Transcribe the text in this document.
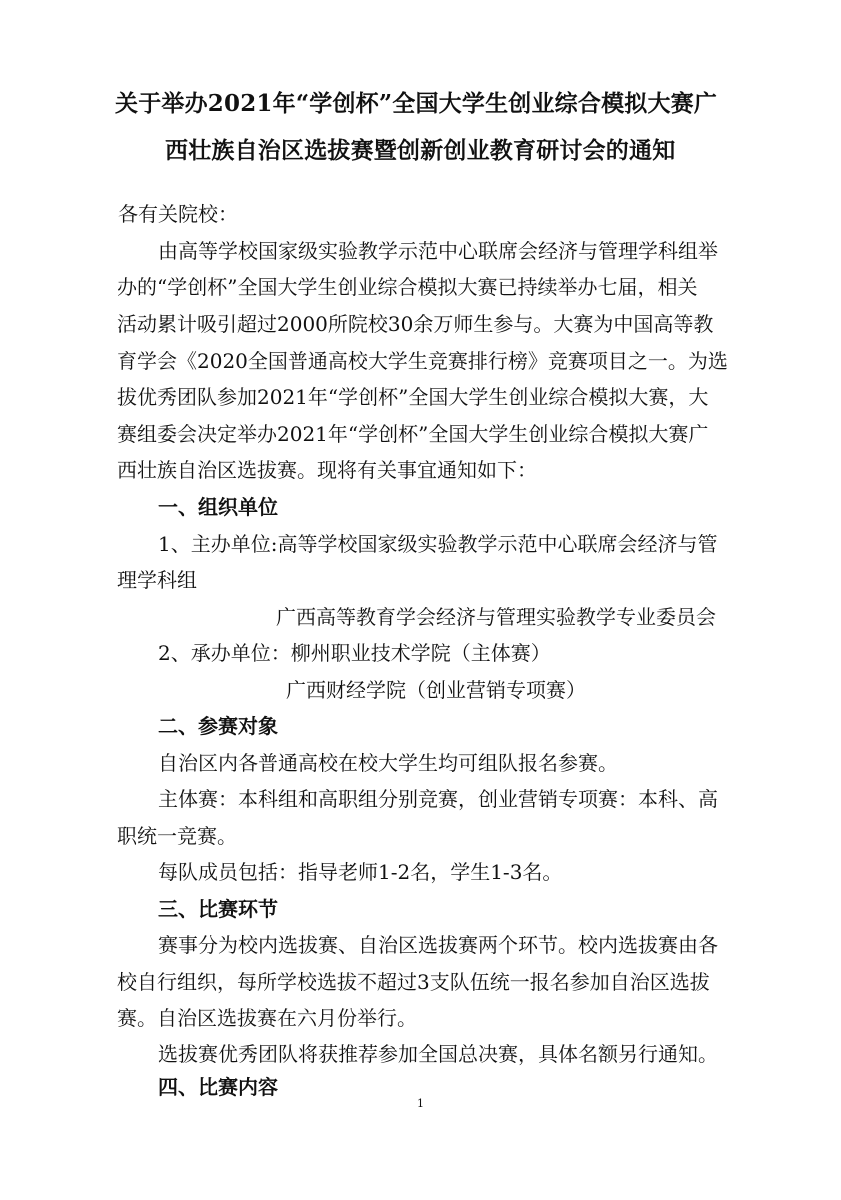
关于举办2021年“学创杯”全国大学生创业综合模拟大赛广
西壮族自治区选拔赛暨创新创业教育研讨会的通知
各有关院校：
由高等学校国家级实验教学示范中心联席会经济与管理学科组举
办的“学创杯”全国大学生创业综合模拟大赛已持续举办七届，相关
活动累计吸引超过2000所院校30余万师生参与。大赛为中国高等教
育学会《2020全国普通高校大学生竞赛排行榜》竞赛项目之一。为选
拔优秀团队参加2021年“学创杯”全国大学生创业综合模拟大赛，大
赛组委会决定举办2021年“学创杯”全国大学生创业综合模拟大赛广
西壮族自治区选拔赛。现将有关事宜通知如下：
一、组织单位
1、主办单位:高等学校国家级实验教学示范中心联席会经济与管
理学科组
广西高等教育学会经济与管理实验教学专业委员会
2、承办单位：柳州职业技术学院（主体赛）
广西财经学院（创业营销专项赛）
二、参赛对象
自治区内各普通高校在校大学生均可组队报名参赛。
主体赛：本科组和高职组分别竞赛，创业营销专项赛：本科、高
职统一竞赛。
每队成员包括：指导老师1-2名，学生1-3名。
三、比赛环节
赛事分为校内选拔赛、自治区选拔赛两个环节。校内选拔赛由各
校自行组织，每所学校选拔不超过3支队伍统一报名参加自治区选拔
赛。自治区选拔赛在六月份举行。
选拔赛优秀团队将获推荐参加全国总决赛，具体名额另行通知。
四、比赛内容
1
